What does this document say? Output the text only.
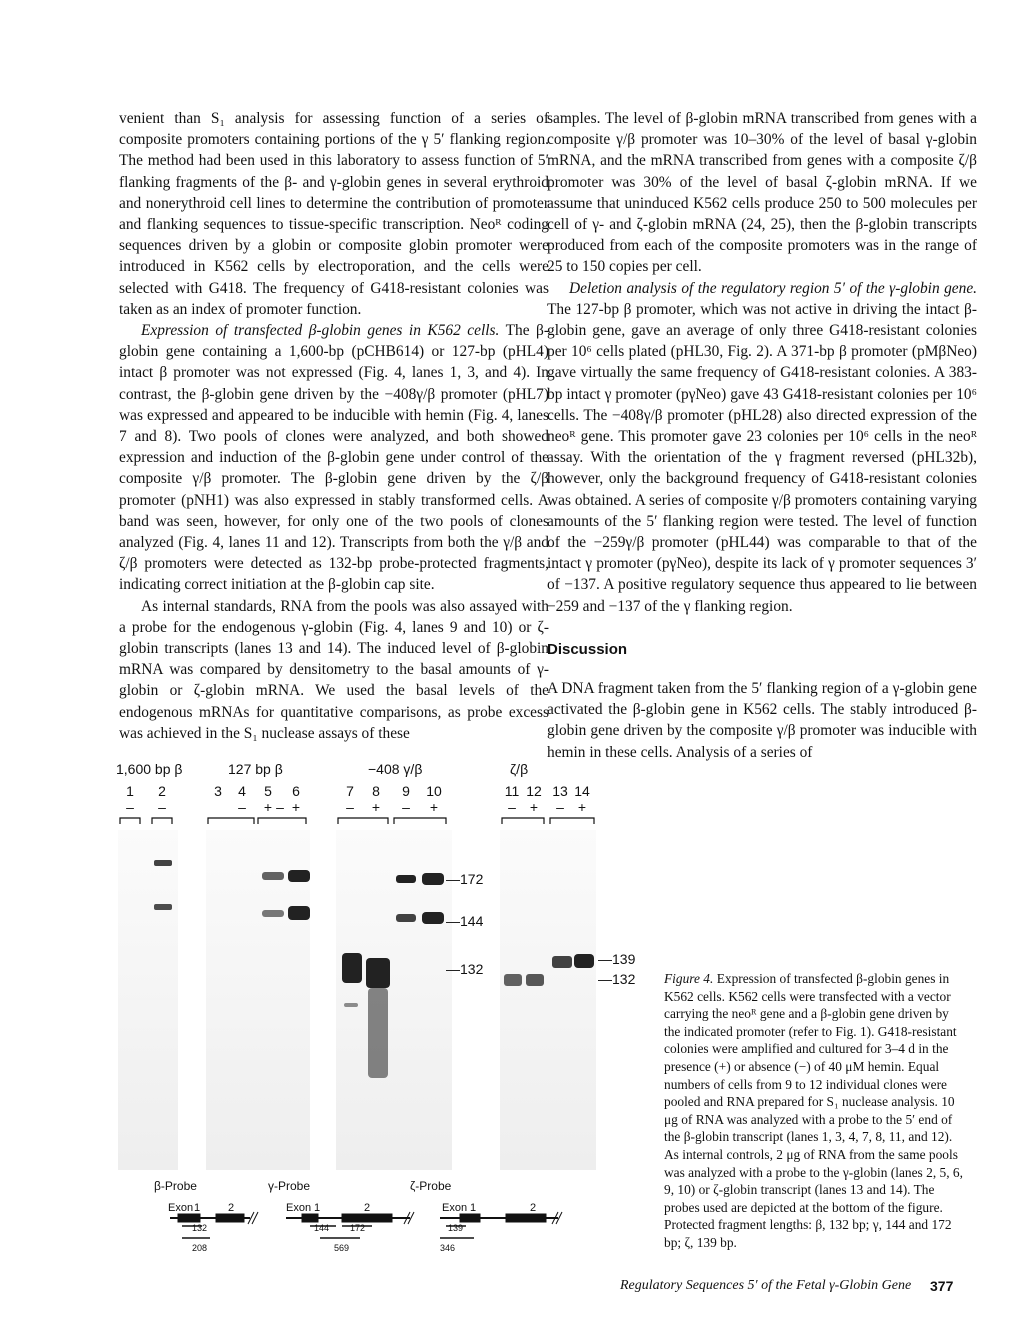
venient than S₁ analysis for assessing function of a series of composite promoters containing portions of the γ 5′ flanking region. The method had been used in this laboratory to assess function of 5′ flanking fragments of the β- and γ-globin genes in several erythroid and nonerythroid cell lines to determine the contribution of promoter and flanking sequences to tissue-specific transcription. Neoᴿ coding sequences driven by a globin or composite globin promoter were introduced in K562 cells by electroporation, and the cells were selected with G418. The frequency of G418-resistant colonies was taken as an index of promoter function.

Expression of transfected β-globin genes in K562 cells. The β-globin gene containing a 1,600-bp (pCHB614) or 127-bp (pHL4) intact β promoter was not expressed (Fig. 4, lanes 1, 3, and 4). In contrast, the β-globin gene driven by the −408γ/β promoter (pHL7) was expressed and appeared to be inducible with hemin (Fig. 4, lanes 7 and 8). Two pools of clones were analyzed, and both showed expression and induction of the β-globin gene under control of the composite γ/β promoter. The β-globin gene driven by the ζ/β promoter (pNH1) was also expressed in stably transformed cells. A band was seen, however, for only one of the two pools of clones analyzed (Fig. 4, lanes 11 and 12). Transcripts from both the γ/β and ζ/β promoters were detected as 132-bp probe-protected fragments, indicating correct initiation at the β-globin cap site.

As internal standards, RNA from the pools was also assayed with a probe for the endogenous γ-globin (Fig. 4, lanes 9 and 10) or ζ-globin transcripts (lanes 13 and 14). The induced level of β-globin mRNA was compared by densitometry to the basal amounts of γ-globin or ζ-globin mRNA. We used the basal levels of the endogenous mRNAs for quantitative comparisons, as probe excess was achieved in the S₁ nuclease assays of these

samples. The level of β-globin mRNA transcribed from genes with a composite γ/β promoter was 10–30% of the level of basal γ-globin mRNA, and the mRNA transcribed from genes with a composite ζ/β promoter was 30% of the level of basal ζ-globin mRNA. If we assume that uninduced K562 cells produce 250 to 500 molecules per cell of γ- and ζ-globin mRNA (24, 25), then the β-globin transcripts produced from each of the composite promoters was in the range of 25 to 150 copies per cell.

Deletion analysis of the regulatory region 5′ of the γ-globin gene. The 127-bp β promoter, which was not active in driving the intact β-globin gene, gave an average of only three G418-resistant colonies per 10⁶ cells plated (pHL30, Fig. 2). A 371-bp β promoter (pMβNeo) gave virtually the same frequency of G418-resistant colonies. A 383-bp intact γ promoter (pγNeo) gave 43 G418-resistant colonies per 10⁶ cells. The −408γ/β promoter (pHL28) also directed expression of the neoᴿ gene. This promoter gave 23 colonies per 10⁶ cells in the neoᴿ assay. With the orientation of the γ fragment reversed (pHL32b), however, only the background frequency of G418-resistant colonies was obtained. A series of composite γ/β promoters containing varying amounts of the 5′ flanking region were tested. The level of function of the −259γ/β promoter (pHL44) was comparable to that of the intact γ promoter (pγNeo), despite its lack of γ promoter sequences 3′ of −137. A positive regulatory sequence thus appeared to lie between −259 and −137 of the γ flanking region.

Discussion

A DNA fragment taken from the 5′ flanking region of a γ-globin gene activated the β-globin gene in K562 cells. The stably introduced β-globin gene driven by the composite γ/β promoter was inducible with hemin in these cells. Analysis of a series of

1,600 bp β	127 bp β	−408 γ/β	ζ/β
1 2	3 4 5 6	7 8 9 10	11 12 13 14
– –	– + – +	– + – +	– + – +
—172
—144
—132
—139
—132
β-Probe
Exon 1	2
132
208
γ-Probe
Exon 1	2
144 172
569
ζ-Probe
Exon 1	2
139
346
Figure 4. Expression of transfected β-globin genes in K562 cells. K562 cells were transfected with a vector carrying the neoᴿ gene and a β-globin gene driven by the indicated promoter (refer to Fig. 1). G418-resistant colonies were amplified and cultured for 3–4 d in the presence (+) or absence (−) of 40 μM hemin. Equal numbers of cells from 9 to 12 individual clones were pooled and RNA prepared for S₁ nuclease analysis. 10 μg of RNA was analyzed with a probe to the 5′ end of the β-globin transcript (lanes 1, 3, 4, 7, 8, 11, and 12). As internal controls, 2 μg of RNA from the same pools was analyzed with a probe to the γ-globin (lanes 2, 5, 6, 9, 10) or ζ-globin transcript (lanes 13 and 14). The probes used are depicted at the bottom of the figure. Protected fragment lengths: β, 132 bp; γ, 144 and 172 bp; ζ, 139 bp.
Regulatory Sequences 5′ of the Fetal γ-Globin Gene 377
